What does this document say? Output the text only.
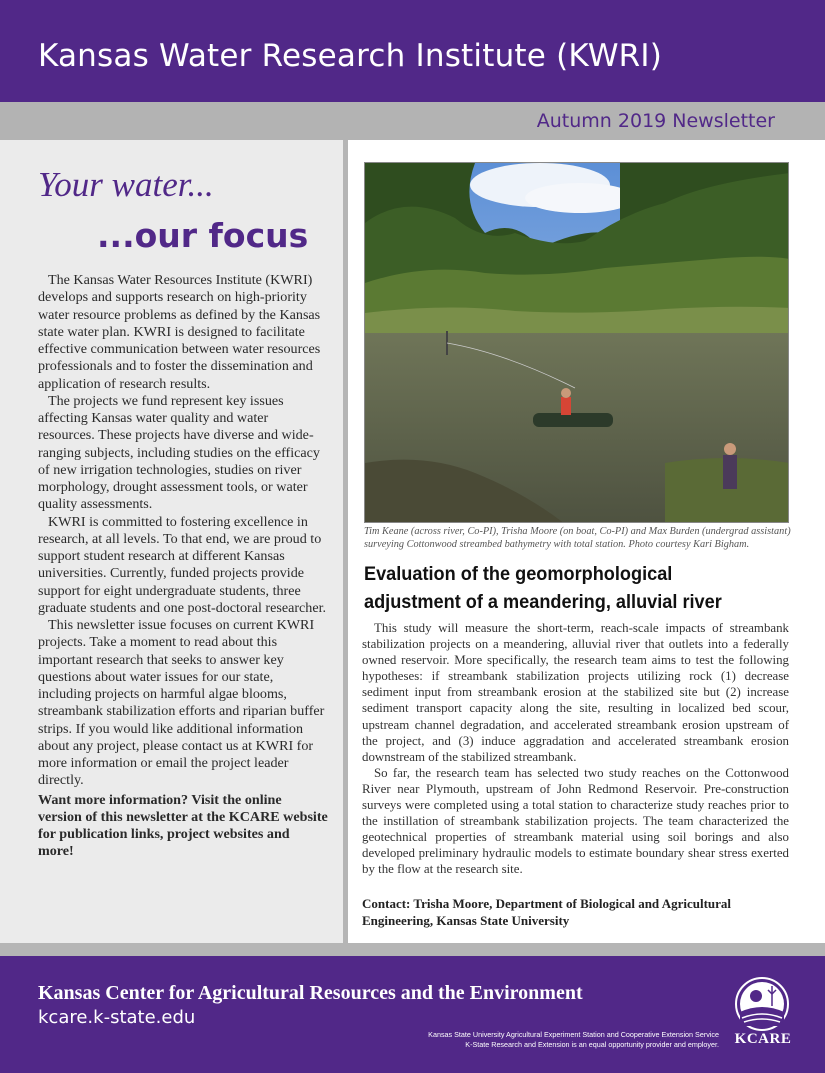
Kansas Water Research Institute (KWRI)
Autumn 2019 Newsletter
Your water...
...our focus

The Kansas Water Resources Institute (KWRI) develops and supports research on high-priority water resource problems as defined by the Kansas state water plan. KWRI is designed to facilitate effective communication between water resources professionals and to foster the dissemination and application of research results.

The projects we fund represent key issues affecting Kansas water quality and water resources. These projects have diverse and wide-ranging subjects, including studies on the efficacy of new irrigation technologies, studies on river morphology, drought assessment tools, or water quality assessments.

KWRI is committed to fostering excellence in research, at all levels. To that end, we are proud to support student research at different Kansas universities. Currently, funded projects provide support for eight undergraduate students, three graduate students and one post-doctoral researcher.

This newsletter issue focuses on current KWRI projects. Take a moment to read about this important research that seeks to answer key questions about water issues for our state, including projects on harmful algae blooms, streambank stabilization efforts and riparian buffer strips. If you would like additional information about any project, please contact us at KWRI for more information or email the project leader directly.

Want more information? Visit the online version of this newsletter at the KCARE website for publication links, project websites and more!

Tim Keane (across river, Co-PI), Trisha Moore (on boat, Co-PI) and Max Burden (undergrad assistant) surveying Cottonwood streambed bathymetry with total station. Photo courtesy Kari Bigham.
Evaluation of the geomorphological adjustment of a meandering, alluvial river

This study will measure the short-term, reach-scale impacts of streambank stabilization projects on a meandering, alluvial river that outlets into a federally owned reservoir. More specifically, the research team aims to test the following hypotheses: if streambank stabilization projects utilizing rock (1) decrease sediment input from streambank erosion at the stabilized site but (2) increase sediment transport capacity along the site, resulting in localized bed scour, upstream channel degradation, and accelerated streambank erosion upstream of the project, and (3) induce aggradation and accelerated streambank erosion downstream of the stabilized streambank.

So far, the research team has selected two study reaches on the Cottonwood River near Plymouth, upstream of John Redmond Reservoir. Pre-construction surveys were completed using a total station to characterize study reaches prior to the instillation of streambank stabilization projects. The team characterized the geotechnical properties of streambank material using soil borings and also developed preliminary hydraulic models to estimate boundary shear stress exerted by the flow at the research site.

Contact: Trisha Moore, Department of Biological and Agricultural Engineering, Kansas State University
Kansas Center for Agricultural Resources and the Environment
kcare.k-state.edu
Kansas State University Agricultural Experiment Station and Cooperative Extension Service
K-State Research and Extension is an equal opportunity provider and employer. KCARE
